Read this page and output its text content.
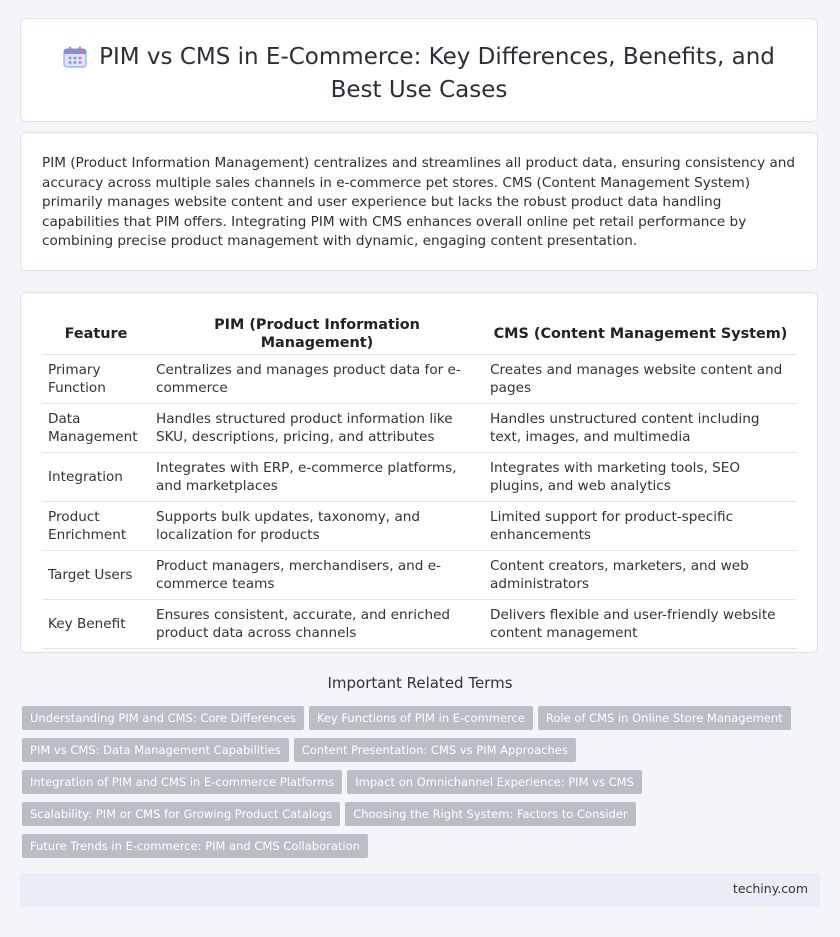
PIM vs CMS in E-Commerce: Key Differences, Benefits, and Best Use Cases

PIM (Product Information Management) centralizes and streamlines all product data, ensuring consistency and accuracy across multiple sales channels in e-commerce pet stores. CMS (Content Management System) primarily manages website content and user experience but lacks the robust product data handling capabilities that PIM offers. Integrating PIM with CMS enhances overall online pet retail performance by combining precise product management with dynamic, engaging content presentation.

Feature	PIM (Product Information Management)	CMS (Content Management System)
Primary Function	Centralizes and manages product data for e-commerce	Creates and manages website content and pages
Data Management	Handles structured product information like SKU, descriptions, pricing, and attributes	Handles unstructured content including text, images, and multimedia
Integration	Integrates with ERP, e-commerce platforms, and marketplaces	Integrates with marketing tools, SEO plugins, and web analytics
Product Enrichment	Supports bulk updates, taxonomy, and localization for products	Limited support for product-specific enhancements
Target Users	Product managers, merchandisers, and e-commerce teams	Content creators, marketers, and web administrators
Key Benefit	Ensures consistent, accurate, and enriched product data across channels	Delivers flexible and user-friendly website content management
Important Related Terms
Understanding PIM and CMS: Core Differences Key Functions of PIM in E-commerce Role of CMS in Online Store Management
PIM vs CMS: Data Management Capabilities Content Presentation: CMS vs PIM Approaches
Integration of PIM and CMS in E-commerce Platforms Impact on Omnichannel Experience: PIM vs CMS
Scalability: PIM or CMS for Growing Product Catalogs Choosing the Right System: Factors to Consider
Future Trends in E-commerce: PIM and CMS Collaboration
techiny.com
